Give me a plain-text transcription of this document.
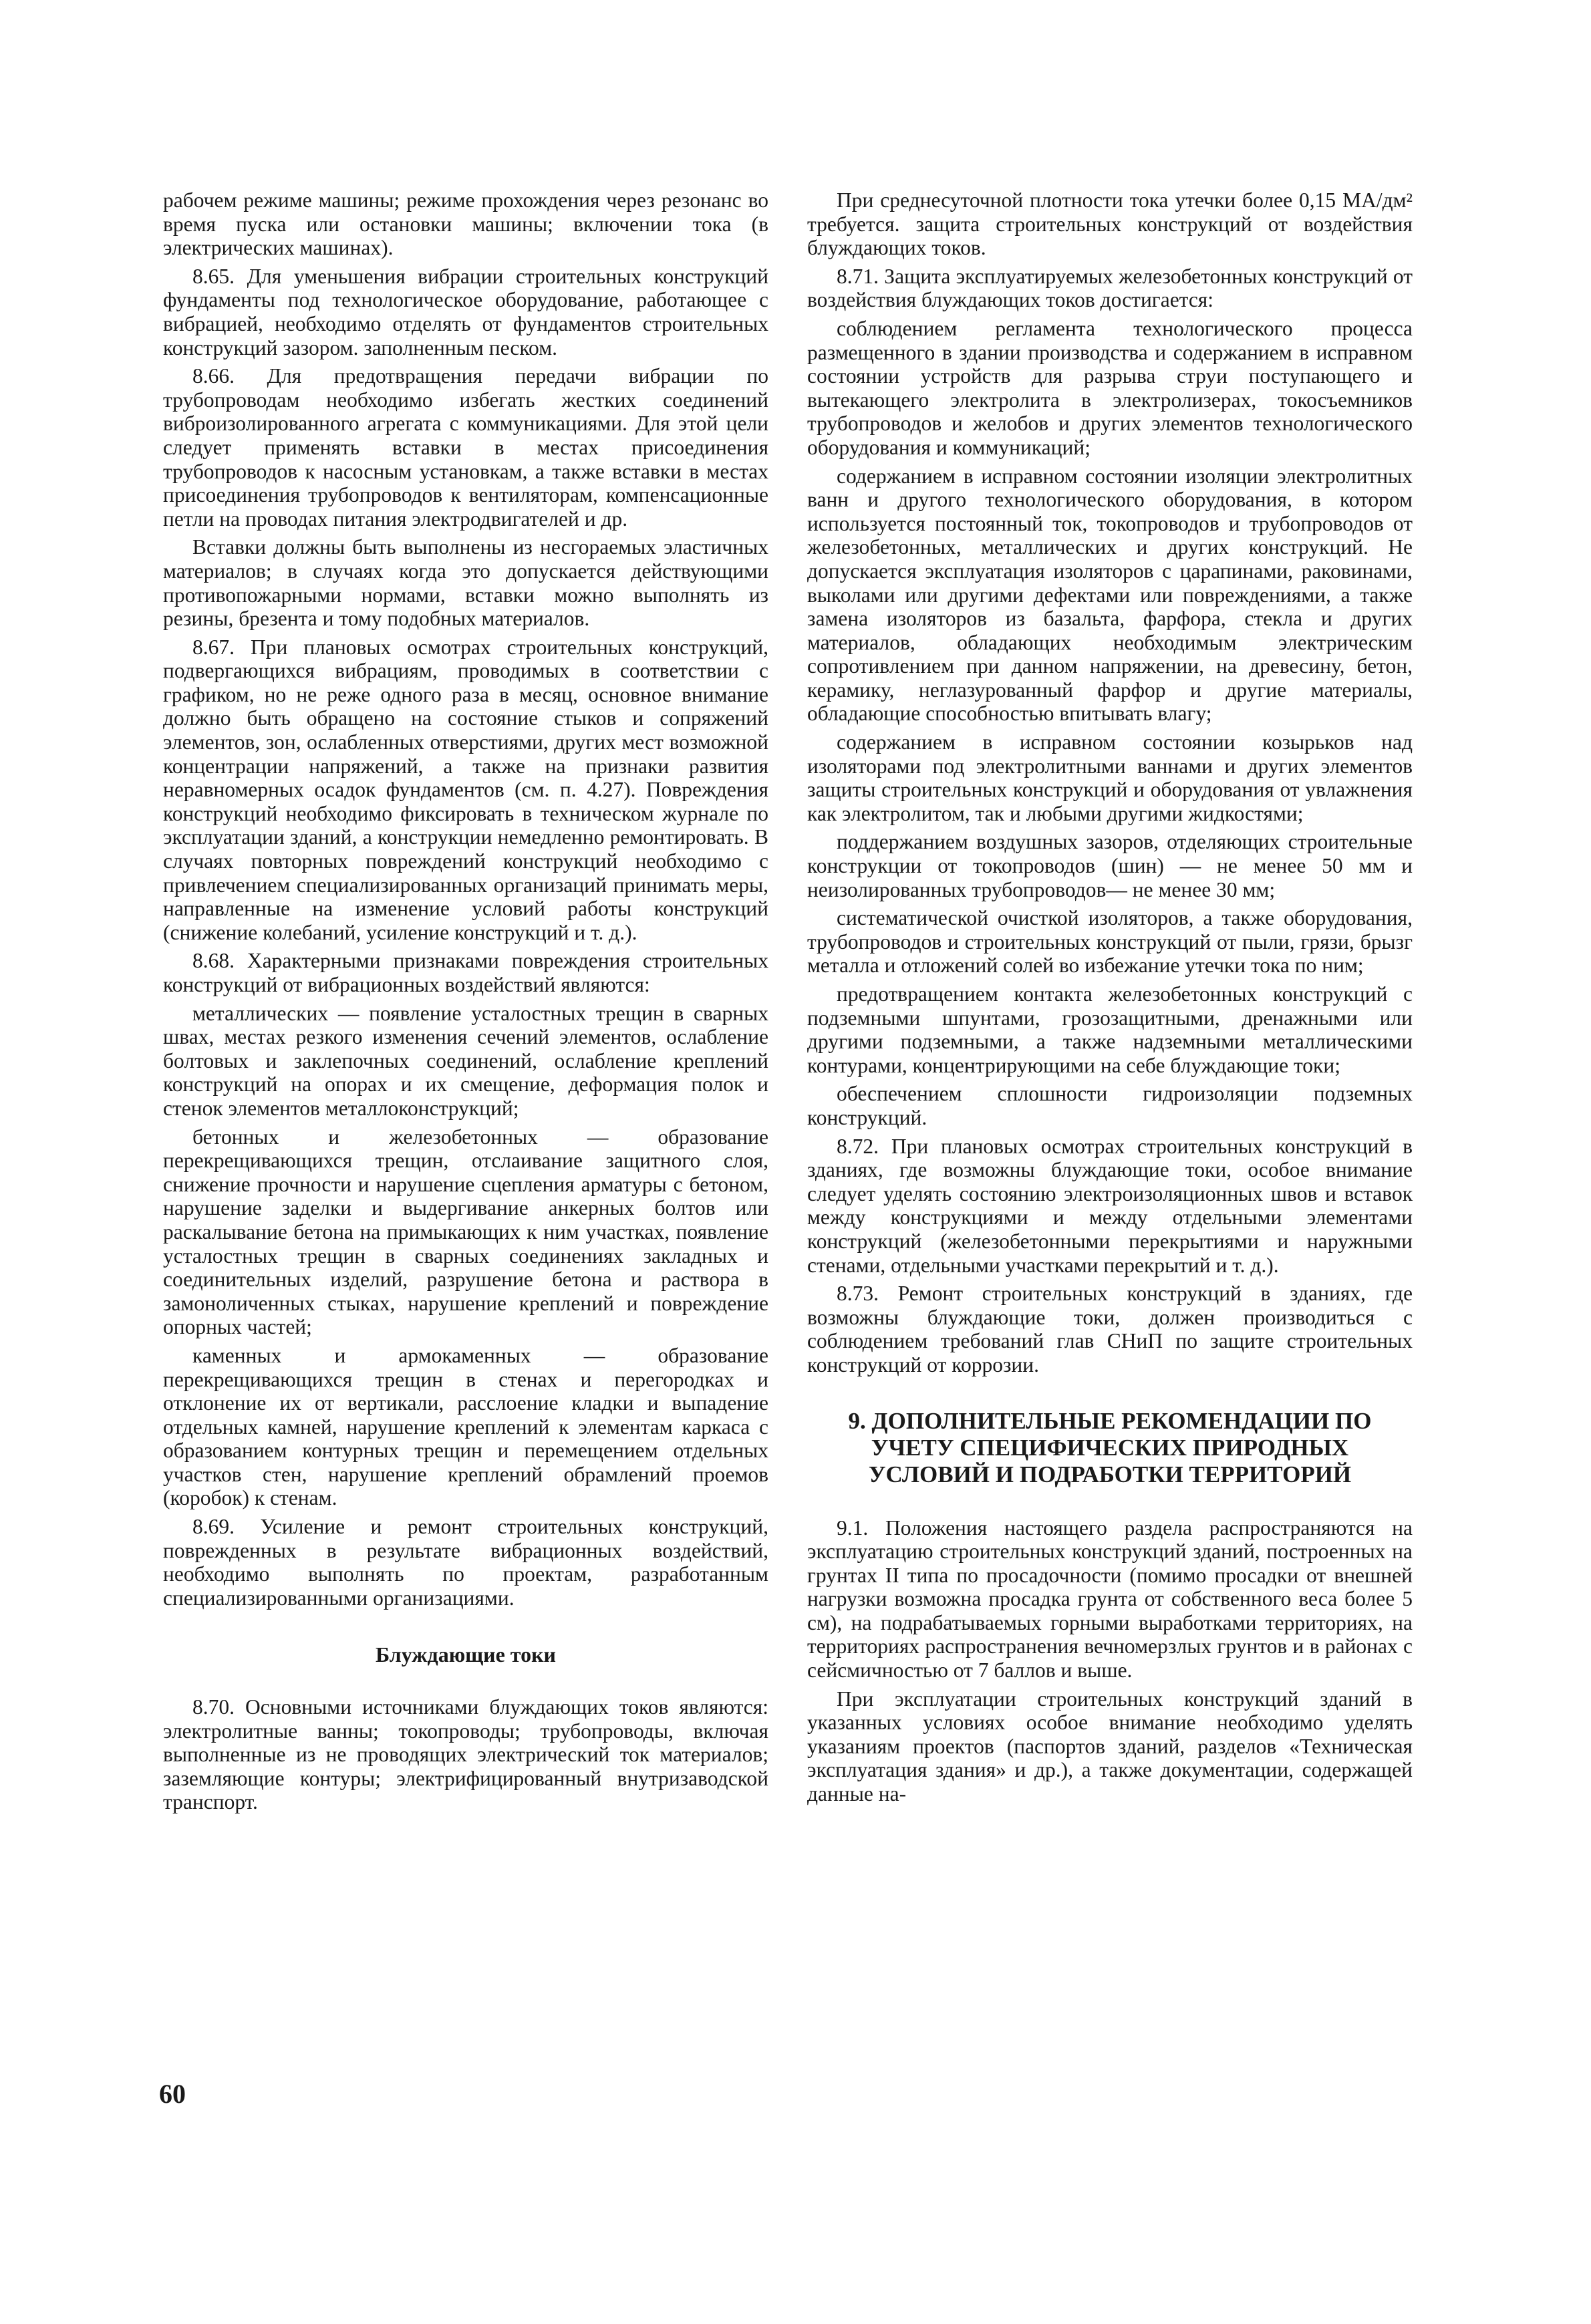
рабочем режиме машины; режиме прохождения через резонанс во время пуска или остановки машины; включении тока (в электрических машинах).

8.65. Для уменьшения вибрации строительных конструкций фундаменты под технологическое оборудование, работающее с вибрацией, необходимо отделять от фундаментов строительных конструкций зазором. заполненным песком.

8.66. Для предотвращения передачи вибрации по трубопроводам необходимо избегать жестких соединений виброизолированного агрегата с коммуникациями. Для этой цели следует применять вставки в местах присоединения трубопроводов к насосным установкам, а также вставки в местах присоединения трубопроводов к вентиляторам, компенсационные петли на проводах питания электродвигателей и др.

Вставки должны быть выполнены из несгораемых эластичных материалов; в случаях когда это допускается действующими противопожарными нормами, вставки можно выполнять из резины, брезента и тому подобных материалов.

8.67. При плановых осмотрах строительных конструкций, подвергающихся вибрациям, проводимых в соответствии с графиком, но не реже одного раза в месяц, основное внимание должно быть обращено на состояние стыков и сопряжений элементов, зон, ослабленных отверстиями, других мест возможной концентрации напряжений, а также на признаки развития неравномерных осадок фундаментов (см. п. 4.27). Повреждения конструкций необходимо фиксировать в техническом журнале по эксплуатации зданий, а конструкции немедленно ремонтировать. В случаях повторных повреждений конструкций необходимо с привлечением специализированных организаций принимать меры, направленные на изменение условий работы конструкций (снижение колебаний, усиление конструкций и т. д.).

8.68. Характерными признаками повреждения строительных конструкций от вибрационных воздействий являются:

металлических — появление усталостных трещин в сварных швах, местах резкого изменения сечений элементов, ослабление болтовых и заклепочных соединений, ослабление креплений конструкций на опорах и их смещение, деформация полок и стенок элементов металлоконструкций;

бетонных и железобетонных — образование перекрещивающихся трещин, отслаивание защитного слоя, снижение прочности и нарушение сцепления арматуры с бетоном, нарушение заделки и выдергивание анкерных болтов или раскалывание бетона на примыкающих к ним участках, появление усталостных трещин в сварных соединениях закладных и соединительных изделий, разрушение бетона и раствора в замоноличенных стыках, нарушение креплений и повреждение опорных частей;

каменных и армокаменных — образование перекрещивающихся трещин в стенах и перегородках и отклонение их от вертикали, расслоение кладки и выпадение отдельных камней, нарушение креплений к элементам каркаса с образованием контурных трещин и перемещением отдельных участков стен, нарушение креплений обрамлений проемов (коробок) к стенам.

8.69. Усиление и ремонт строительных конструкций, поврежденных в результате вибрационных воздействий, необходимо выполнять по проектам, разработанным специализированными организациями.

Блуждающие токи

8.70. Основными источниками блуждающих токов являются: электролитные ванны; токопроводы; трубопроводы, включая выполненные из не проводящих электрический ток материалов; заземляющие контуры; электрифицированный внутризаводской транспорт.

При среднесуточной плотности тока утечки более 0,15 МА/дм² требуется. защита строительных конструкций от воздействия блуждающих токов.

8.71. Защита эксплуатируемых железобетонных конструкций от воздействия блуждающих токов достигается:

соблюдением регламента технологического процесса размещенного в здании производства и содержанием в исправном состоянии устройств для разрыва струи поступающего и вытекающего электролита в электролизерах, токосъемников трубопроводов и желобов и других элементов технологического оборудования и коммуникаций;

содержанием в исправном состоянии изоляции электролитных ванн и другого технологического оборудования, в котором используется постоянный ток, токопроводов и трубопроводов от железобетонных, металлических и других конструкций. Не допускается эксплуатация изоляторов с царапинами, раковинами, выколами или другими дефектами или повреждениями, а также замена изоляторов из базальта, фарфора, стекла и других материалов, обладающих необходимым электрическим сопротивлением при данном напряжении, на древесину, бетон, керамику, неглазурованный фарфор и другие материалы, обладающие способностью впитывать влагу;

содержанием в исправном состоянии козырьков над изоляторами под электролитными ваннами и других элементов защиты строительных конструкций и оборудования от увлажнения как электролитом, так и любыми другими жидкостями;

поддержанием воздушных зазоров, отделяющих строительные конструкции от токопроводов (шин) — не менее 50 мм и неизолированных трубопроводов— не менее 30 мм;

систематической очисткой изоляторов, а также оборудования, трубопроводов и строительных конструкций от пыли, грязи, брызг металла и отложений солей во избежание утечки тока по ним;

предотвращением контакта железобетонных конструкций с подземными шпунтами, грозозащитными, дренажными или другими подземными, а также надземными металлическими контурами, концентрирующими на себе блуждающие токи;

обеспечением сплошности гидроизоляции подземных конструкций.

8.72. При плановых осмотрах строительных конструкций в зданиях, где возможны блуждающие токи, особое внимание следует уделять состоянию электроизоляционных швов и вставок между конструкциями и между отдельными элементами конструкций (железобетонными перекрытиями и наружными стенами, отдельными участками перекрытий и т. д.).

8.73. Ремонт строительных конструкций в зданиях, где возможны блуждающие токи, должен производиться с соблюдением требований глав СНиП по защите строительных конструкций от коррозии.

9. ДОПОЛНИТЕЛЬНЫЕ РЕКОМЕНДАЦИИ ПО УЧЕТУ СПЕЦИФИЧЕСКИХ ПРИРОДНЫХ УСЛОВИЙ И ПОДРАБОТКИ ТЕРРИТОРИЙ

9.1. Положения настоящего раздела распространяются на эксплуатацию строительных конструкций зданий, построенных на грунтах II типа по просадочности (помимо просадки от внешней нагрузки возможна просадка грунта от собственного веса более 5 см), на подрабатываемых горными выработками территориях, на территориях распространения вечномерзлых грунтов и в районах с сейсмичностью от 7 баллов и выше.

При эксплуатации строительных конструкций зданий в указанных условиях особое внимание необходимо уделять указаниям проектов (паспортов зданий, разделов «Техническая эксплуатация здания» и др.), а также документации, содержащей данные на-

60
